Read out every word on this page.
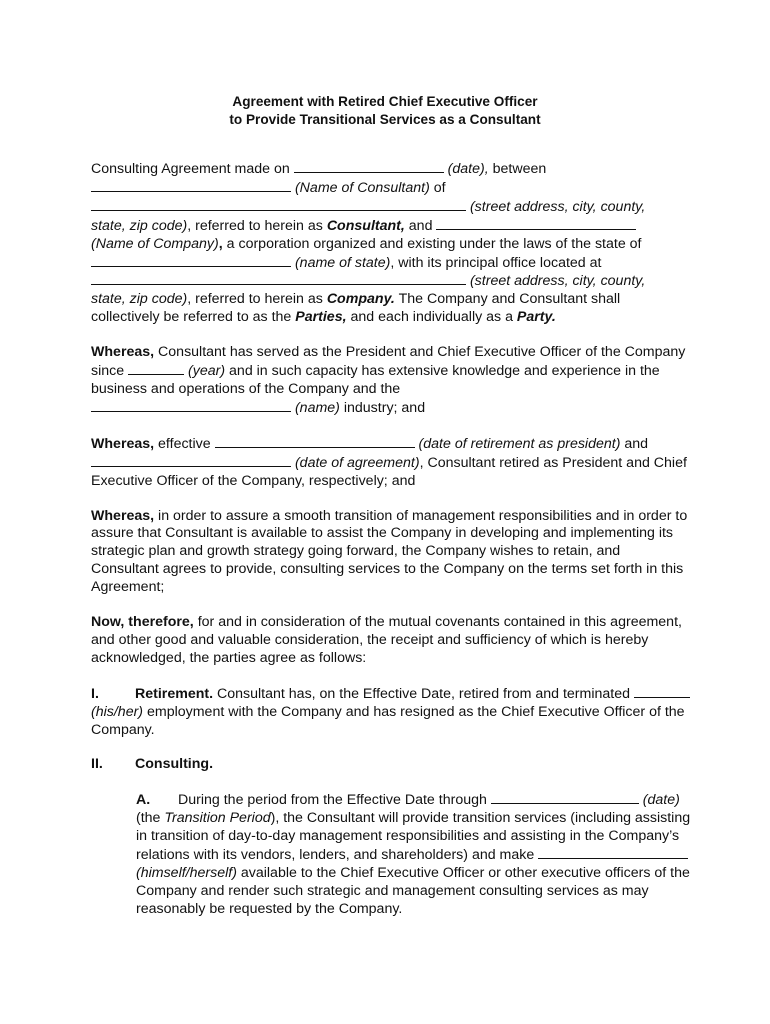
Agreement with Retired Chief Executive Officer
to Provide Transitional Services as a Consultant

Consulting Agreement made on	(date), between
(Name of Consultant) of
(street address, city, county,
state, zip code), referred to herein as Consultant, and
(Name of Company), a corporation organized and existing under the laws of the state of
(name of state), with its principal office located at
(street address, city, county,
state, zip code), referred to herein as Company. The Company and Consultant shall collectively be referred to as the Parties, and each individually as a Party.

Whereas, Consultant has served as the President and Chief Executive Officer of the Company since	(year) and in such capacity has extensive knowledge and experience in the business and operations of the Company and the
(name) industry; and

Whereas, effective	(date of retirement as president) and  (date of agreement), Consultant retired as President and Chief Executive Officer of the Company, respectively; and

Whereas, in order to assure a smooth transition of management responsibilities and in order to assure that Consultant is available to assist the Company in developing and implementing its strategic plan and growth strategy going forward, the Company wishes to retain, and Consultant agrees to provide, consulting services to the Company on the terms set forth in this Agreement;

Now, therefore, for and in consideration of the mutual covenants contained in this agreement, and other good and valuable consideration, the receipt and sufficiency of which is hereby acknowledged, the parties agree as follows:

I.	Retirement. Consultant has, on the Effective Date, retired from and terminated  (his/her) employment with the Company and has resigned as the Chief Executive Officer of the Company.

II. Consulting.

A. During the period from the Effective Date through	(date) (the Transition Period), the Consultant will provide transition services (including assisting in transition of day-to-day management responsibilities and assisting in the Company’s relations with its vendors, lenders, and shareholders) and make  (himself/herself) available to the Chief Executive Officer or other executive officers of the Company and render such strategic and management consulting services as may reasonably be requested by the Company.
